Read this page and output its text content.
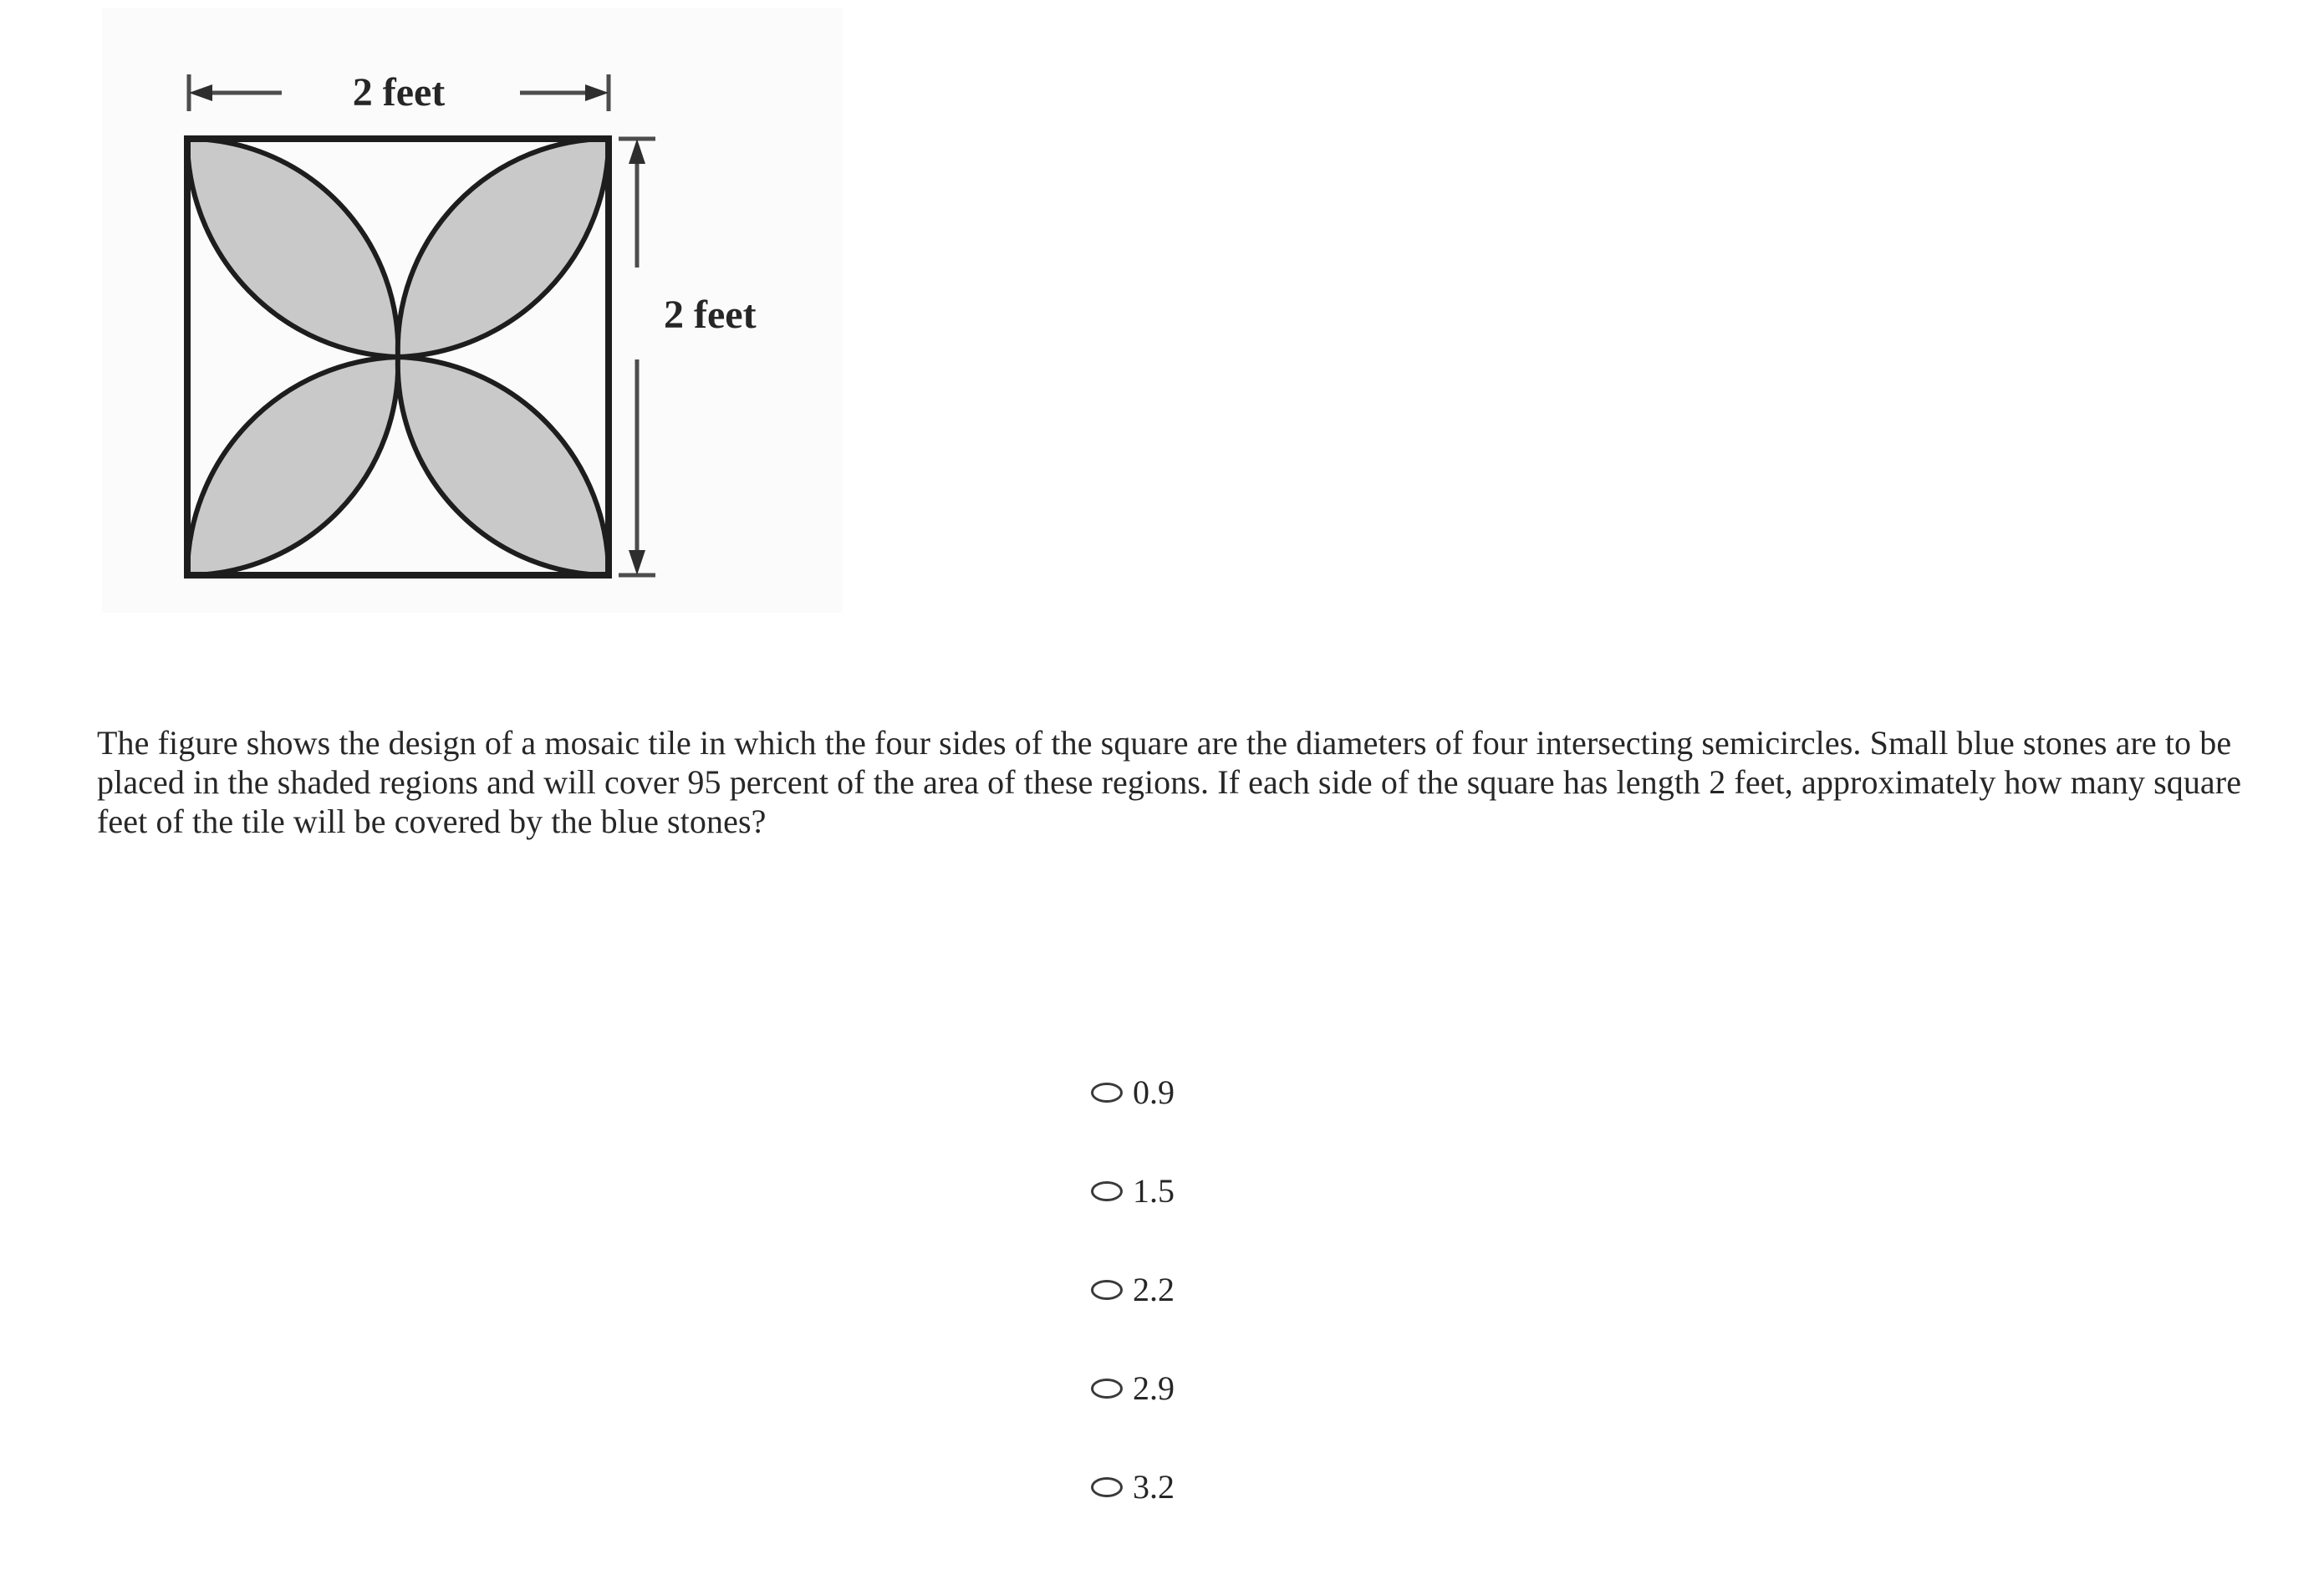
2 feet
2 feet

The figure shows the design of a mosaic tile in which the four sides of the square are the diameters of four intersecting semicircles. Small blue stones are to be placed in the shaded regions and will cover 95 percent of the area of these regions. If each side of the square has length 2 feet, approximately how many square feet of the tile will be covered by the blue stones?

0.9
1.5
2.2
2.9
3.2
